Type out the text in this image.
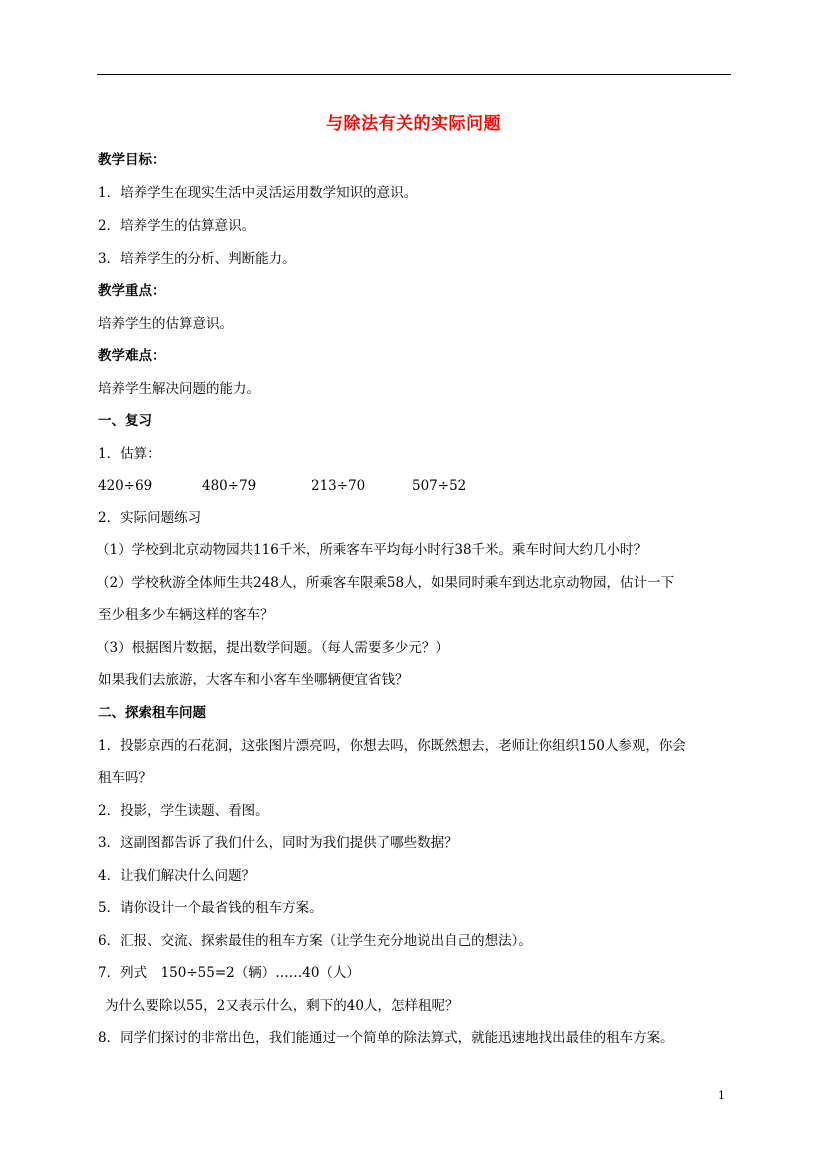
与除法有关的实际问题
教学目标：
1．培养学生在现实生活中灵活运用数学知识的意识。
2．培养学生的估算意识。
3．培养学生的分析、判断能力。
教学重点：
培养学生的估算意识。
教学难点：
培养学生解决问题的能力。
一、复习
1．估算：
420÷69	480÷79	213÷70	507÷52
2．实际问题练习
（1）学校到北京动物园共116千米，所乘客车平均每小时行38千米。乘车时间大约几小时？
（2）学校秋游全体师生共248人，所乘客车限乘58人，如果同时乘车到达北京动物园，估计一下
至少租多少车辆这样的客车？
（3）根据图片数据，提出数学问题。（每人需要多少元？）
如果我们去旅游，大客车和小客车坐哪辆便宜省钱？
二、探索租车问题
1．投影京西的石花洞，这张图片漂亮吗，你想去吗，你既然想去，老师让你组织150人参观，你会
租车吗？
2．投影，学生读题、看图。
3．这副图都告诉了我们什么，同时为我们提供了哪些数据？
4．让我们解决什么问题？
5．请你设计一个最省钱的租车方案。
6．汇报、交流、探索最佳的租车方案（让学生充分地说出自己的想法）。
7．列式　150÷55=2（辆）……40（人）
为什么要除以55，2又表示什么，剩下的40人，怎样租呢？
8．同学们探讨的非常出色，我们能通过一个简单的除法算式，就能迅速地找出最佳的租车方案。
1
